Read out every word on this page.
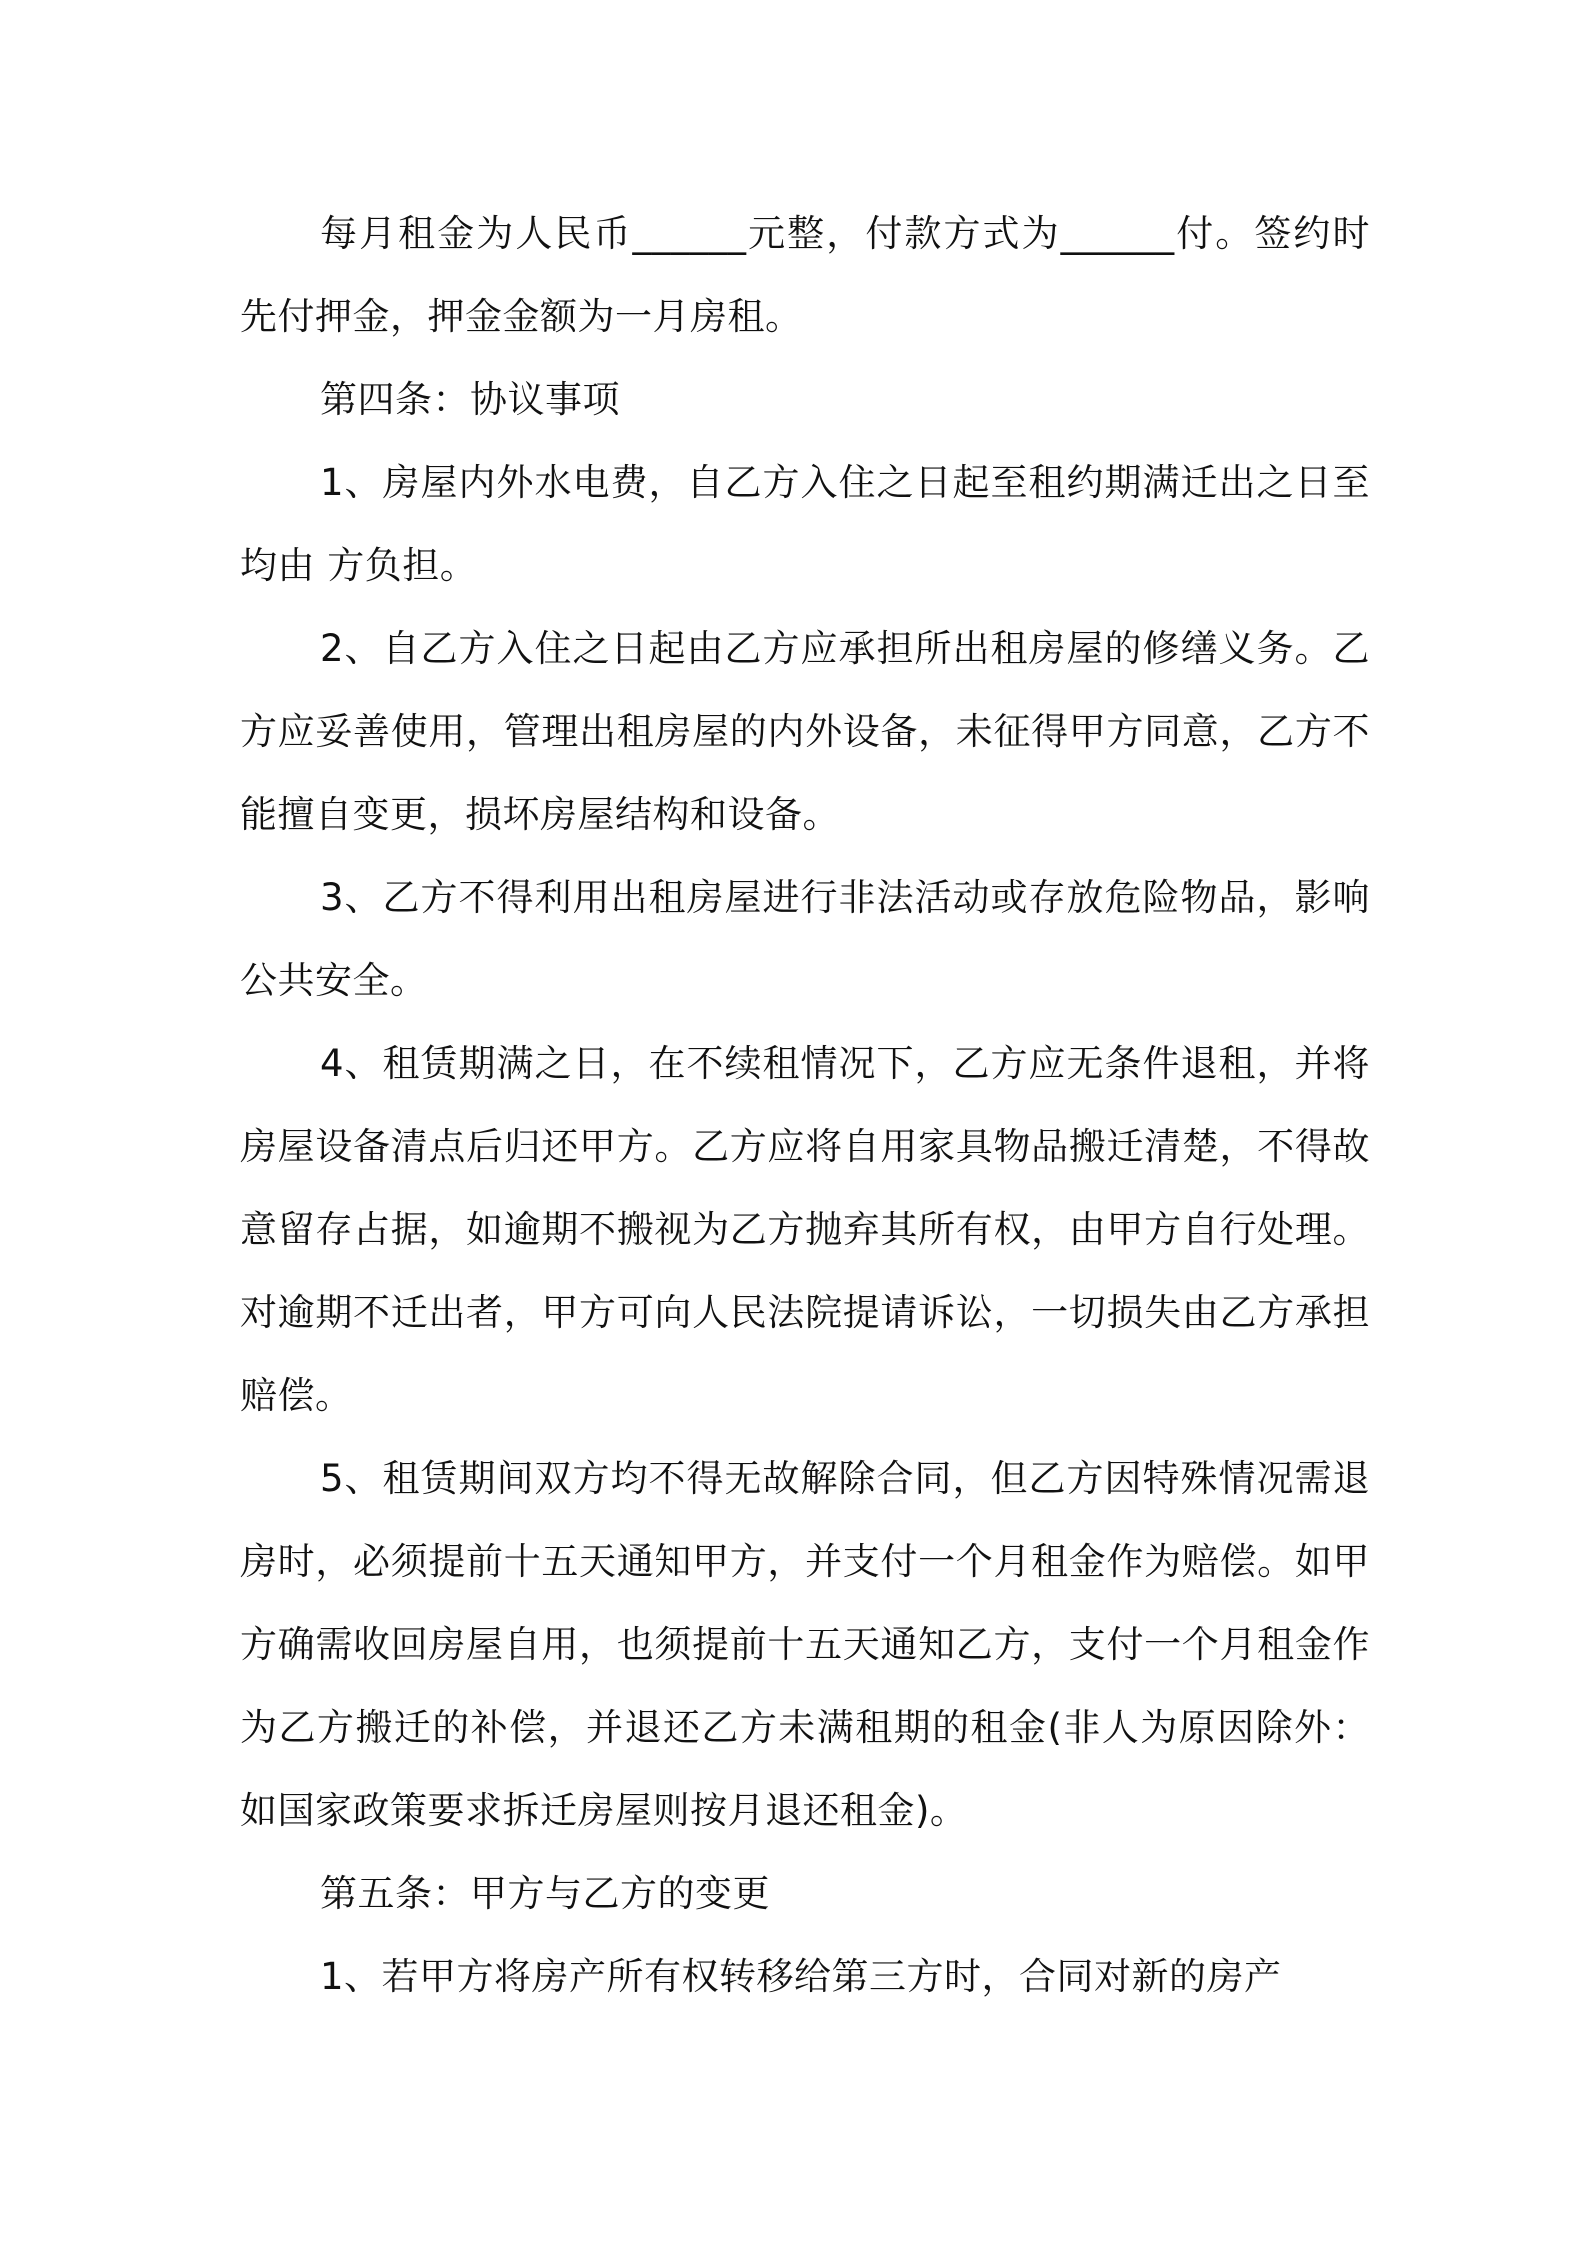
每月租金为人民币______元整，付款方式为______付。签约时先付押金，押金金额为一月房租。

第四条：协议事项

1、房屋内外水电费，自乙方入住之日起至租约期满迁出之日至均由 方负担。

2、自乙方入住之日起由乙方应承担所出租房屋的修缮义务。乙方应妥善使用，管理出租房屋的内外设备，未征得甲方同意，乙方不能擅自变更，损坏房屋结构和设备。

3、乙方不得利用出租房屋进行非法活动或存放危险物品，影响公共安全。

4、租赁期满之日，在不续租情况下，乙方应无条件退租，并将房屋设备清点后归还甲方。乙方应将自用家具物品搬迁清楚，不得故意留存占据，如逾期不搬视为乙方抛弃其所有权，由甲方自行处理。对逾期不迁出者，甲方可向人民法院提请诉讼，一切损失由乙方承担赔偿。

5、租赁期间双方均不得无故解除合同，但乙方因特殊情况需退房时，必须提前十五天通知甲方，并支付一个月租金作为赔偿。如甲方确需收回房屋自用，也须提前十五天通知乙方，支付一个月租金作为乙方搬迁的补偿，并退还乙方未满租期的租金(非人为原因除外：如国家政策要求拆迁房屋则按月退还租金)。

第五条：甲方与乙方的变更

1、若甲方将房产所有权转移给第三方时，合同对新的房产
